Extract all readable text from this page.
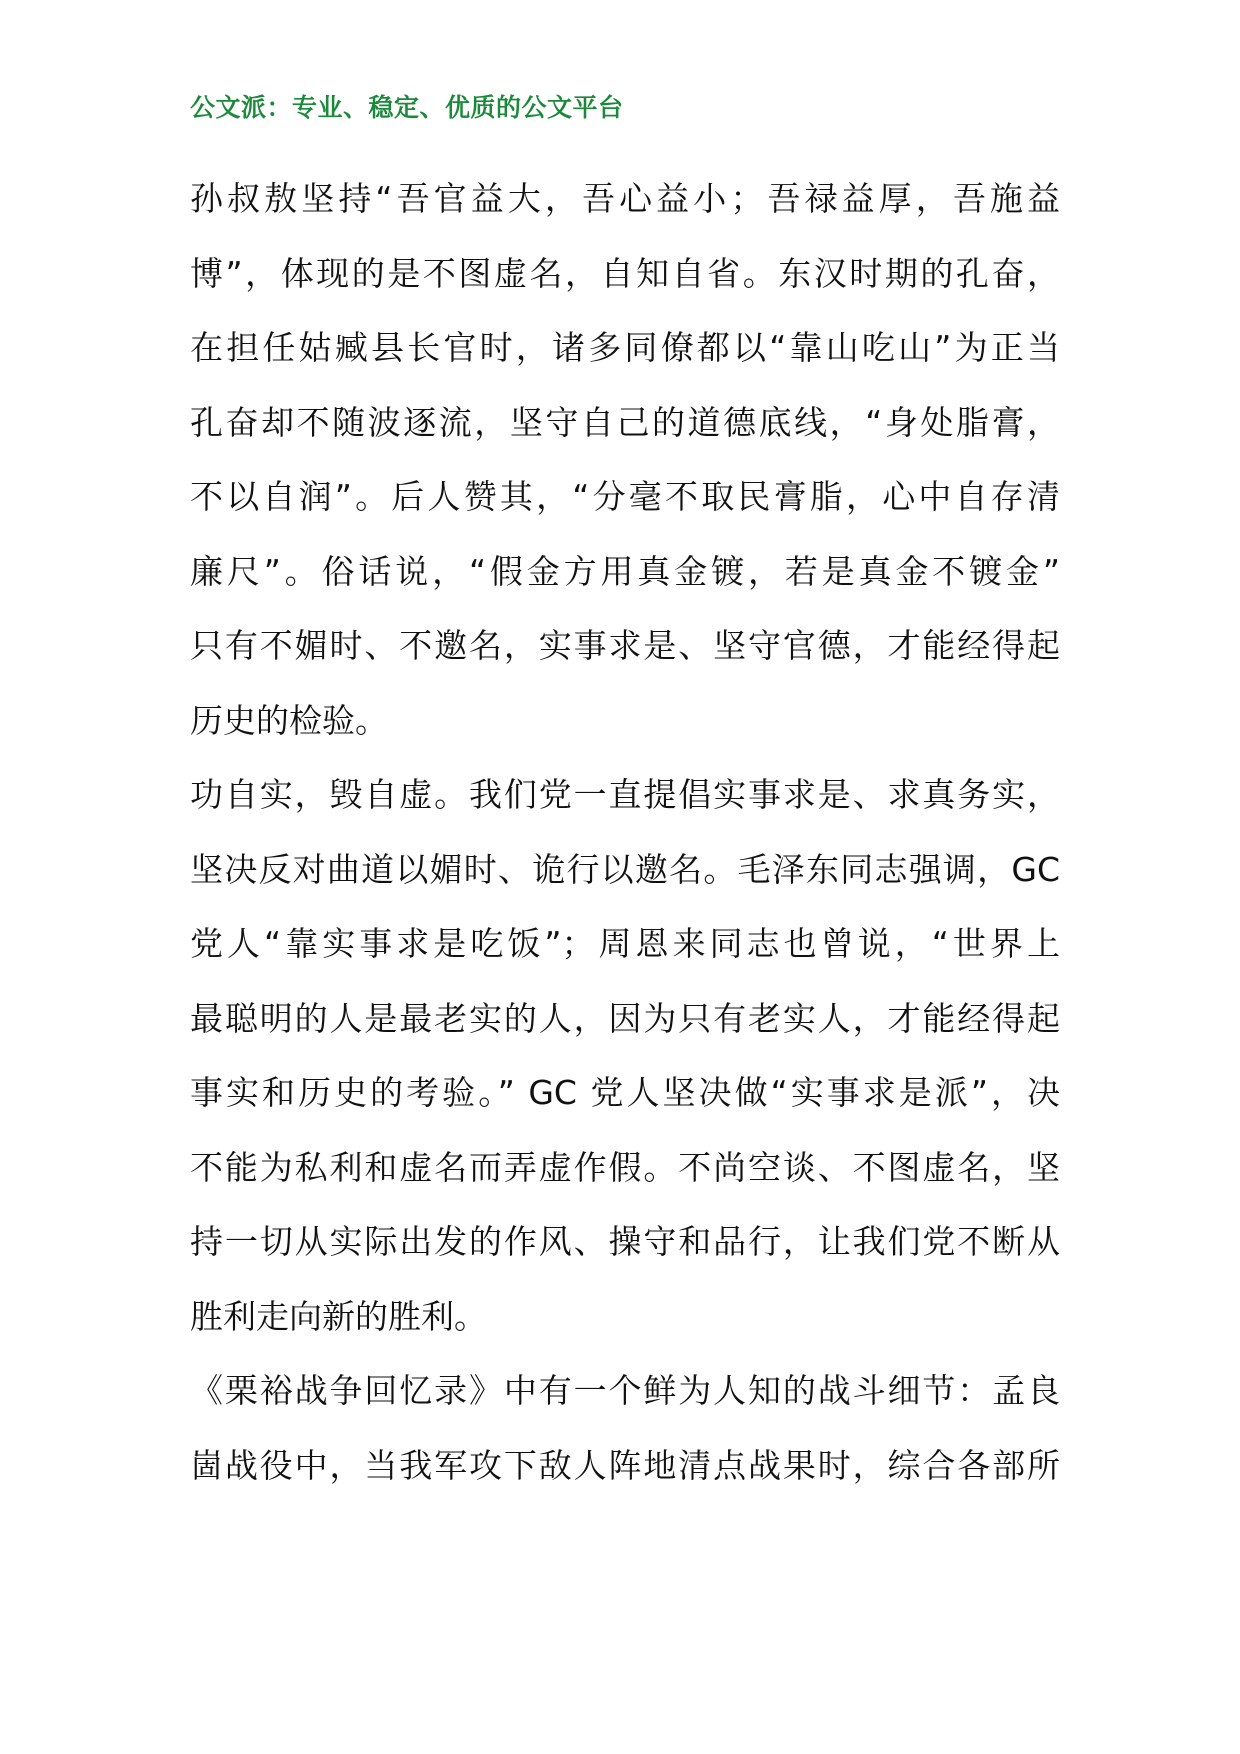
公文派：专业、稳定、优质的公文平台
孙叔敖坚持“吾官益大，吾心益小；吾禄益厚，吾施益
博”，体现的是不图虚名，自知自省。东汉时期的孔奋，
在担任姑臧县长官时，诸多同僚都以“靠山吃山”为正当
孔奋却不随波逐流，坚守自己的道德底线，“身处脂膏，
不以自润”。后人赞其，“分毫不取民膏脂，心中自存清
廉尺”。俗话说，“假金方用真金镀，若是真金不镀金”
只有不媚时、不邀名，实事求是、坚守官德，才能经得起
历史的检验。
功自实，毁自虚。我们党一直提倡实事求是、求真务实，
坚决反对曲道以媚时、诡行以邀名。毛泽东同志强调，GC
党人“靠实事求是吃饭”；周恩来同志也曾说，“世界上
最聪明的人是最老实的人，因为只有老实人，才能经得起
事实和历史的考验。” GC 党人坚决做“实事求是派”，决
不能为私利和虚名而弄虚作假。不尚空谈、不图虚名，坚
持一切从实际出发的作风、操守和品行，让我们党不断从
胜利走向新的胜利。
《栗裕战争回忆录》中有一个鲜为人知的战斗细节：孟良
崮战役中，当我军攻下敌人阵地清点战果时，综合各部所
